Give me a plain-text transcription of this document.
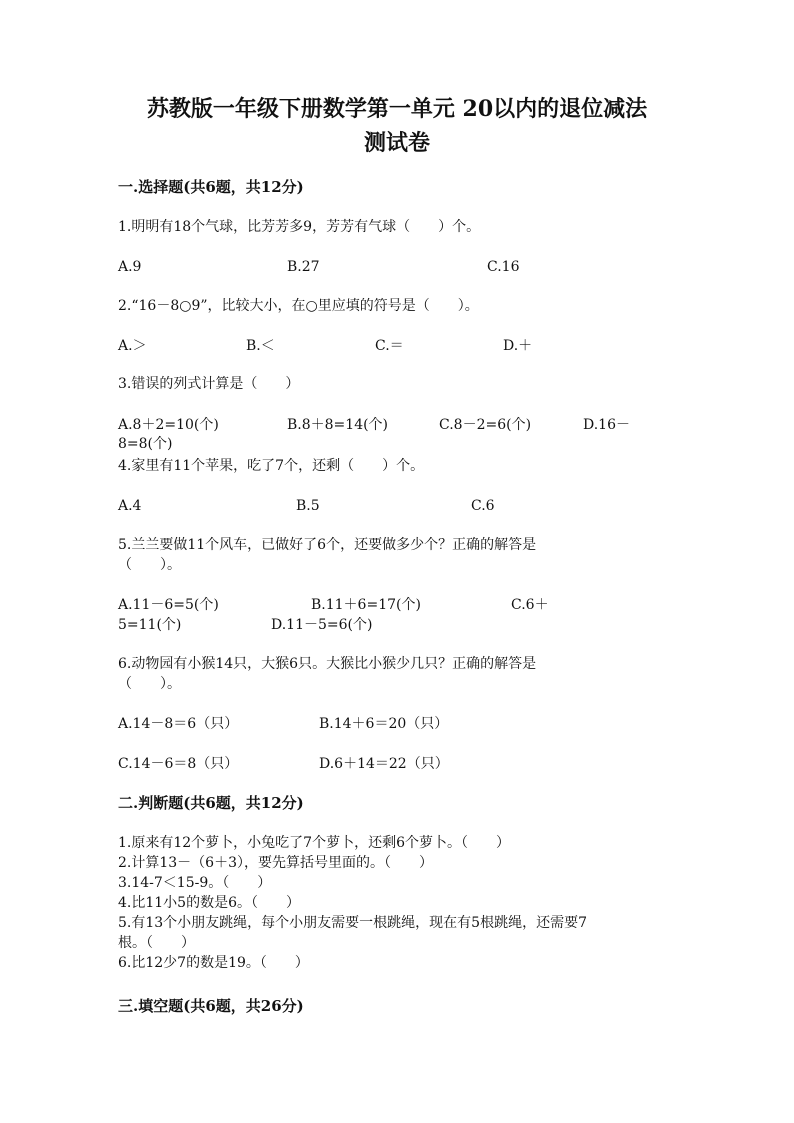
苏教版一年级下册数学第一单元 20以内的退位减法
测试卷
一.选择题(共6题，共12分)
1.明明有18个气球，比芳芳多9，芳芳有气球（　　）个。
A.9	B.27	C.16
2.“16－8○9”，比较大小，在○里应填的符号是（　　）。
A.＞	B.＜	C.＝	D.＋
3.错误的列式计算是（　　）
A.8＋2=10(个)	B.8＋8=14(个)	C.8－2=6(个)	D.16－
8=8(个)
4.家里有11个苹果，吃了7个，还剩（　　）个。
A.4	B.5	C.6
5.兰兰要做11个风车，已做好了6个，还要做多少个？正确的解答是
（　　）。
A.11－6=5(个)	B.11＋6=17(个)	C.6＋
5=11(个)	D.11－5=6(个)
6.动物园有小猴14只，大猴6只。大猴比小猴少几只？正确的解答是
（　　）。
A.14－8＝6（只）	B.14＋6＝20（只）
C.14－6＝8（只）	D.6＋14＝22（只）
二.判断题(共6题，共12分)
1.原来有12个萝卜，小兔吃了7个萝卜，还剩6个萝卜。（　　）
2.计算13－（6＋3），要先算括号里面的。（　　）
3.14-7＜15-9。（　　）
4.比11小5的数是6。（　　）
5.有13个小朋友跳绳，每个小朋友需要一根跳绳，现在有5根跳绳，还需要7
根。（　　）
6.比12少7的数是19。（　　）
三.填空题(共6题，共26分)
